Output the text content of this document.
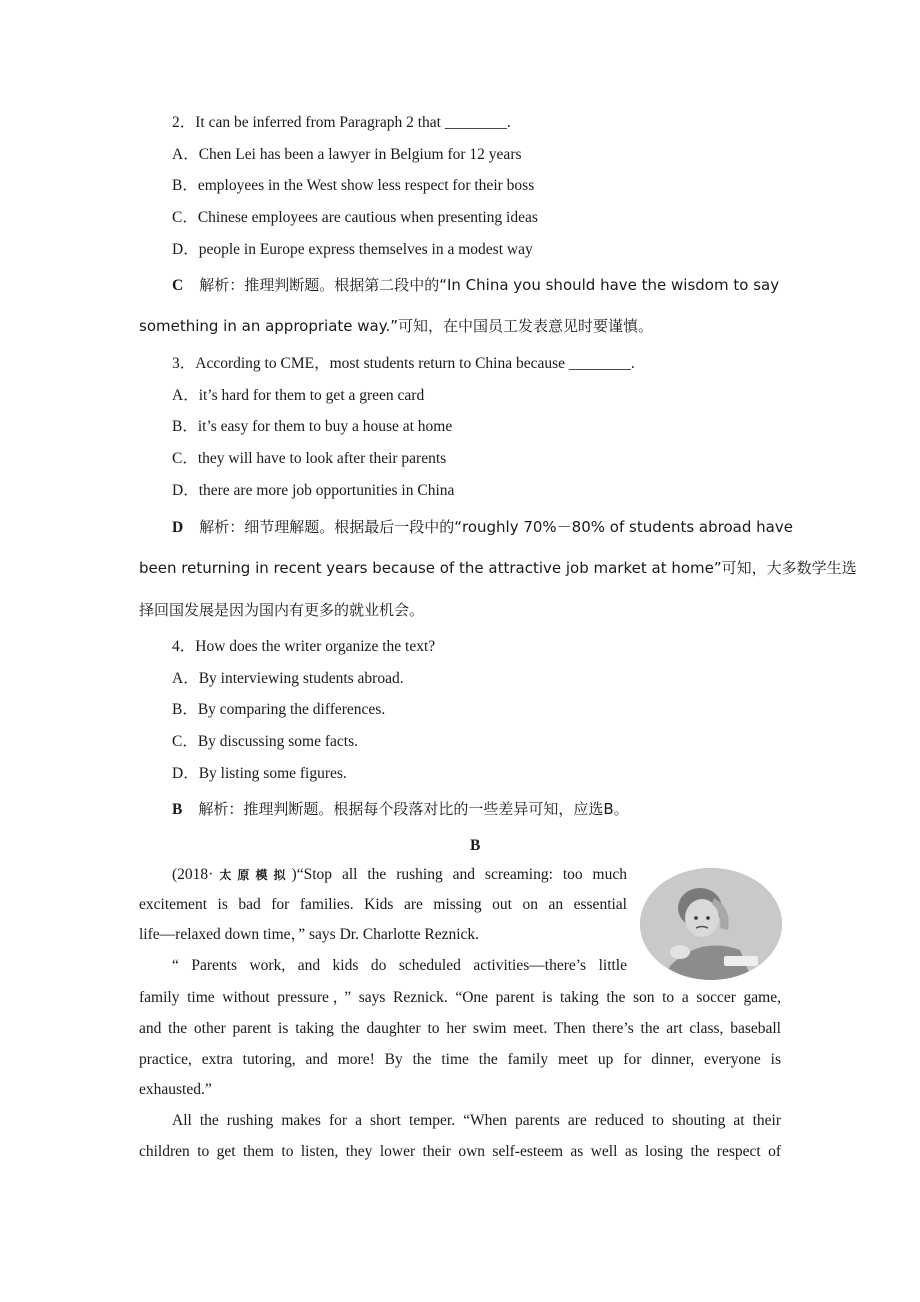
2．It can be inferred from Paragraph 2 that ________.
A．Chen Lei has been a lawyer in Belgium for 12 years
B．employees in the West show less respect for their boss
C．Chinese employees are cautious when presenting ideas
D．people in Europe express themselves in a modest way
C 解析：推理判断题。根据第二段中的“In China you should have the wisdom to say
something in an appropriate way.”可知，在中国员工发表意见时要谨慎。
3．According to CME，most students return to China because ________.
A．it’s hard for them to get a green card
B．it’s easy for them to buy a house at home
C．they will have to look after their parents
D．there are more job opportunities in China
D 解析：细节理解题。根据最后一段中的“roughly 70%－80% of students abroad have
been returning in recent years because of the attractive job market at home”可知，大多数学生选
择回国发展是因为国内有更多的就业机会。
4．How does the writer organize the text?
A．By interviewing students abroad.
B．By comparing the differences.
C．By discussing some facts.
D．By listing some figures.
B 解析：推理判断题。根据每个段落对比的一些差异可知，应选B。
B
(2018·太原模拟)“Stop all the rushing and screaming: too much
excitement is bad for families. Kids are missing out on an essential
life—relaxed down time，” says Dr. Charlotte Reznick.
“ Parents work, and kids do scheduled activities—there’s little
family time without pressure，” says Reznick. “One parent is taking the son to a soccer game,
and the other parent is taking the daughter to her swim meet. Then there’s the art class, baseball
practice, extra tutoring, and more! By the time the family meet up for dinner, everyone is
exhausted.”
All the rushing makes for a short temper. “When parents are reduced to shouting at their
children to get them to listen, they lower their own self-esteem as well as losing the respect of
